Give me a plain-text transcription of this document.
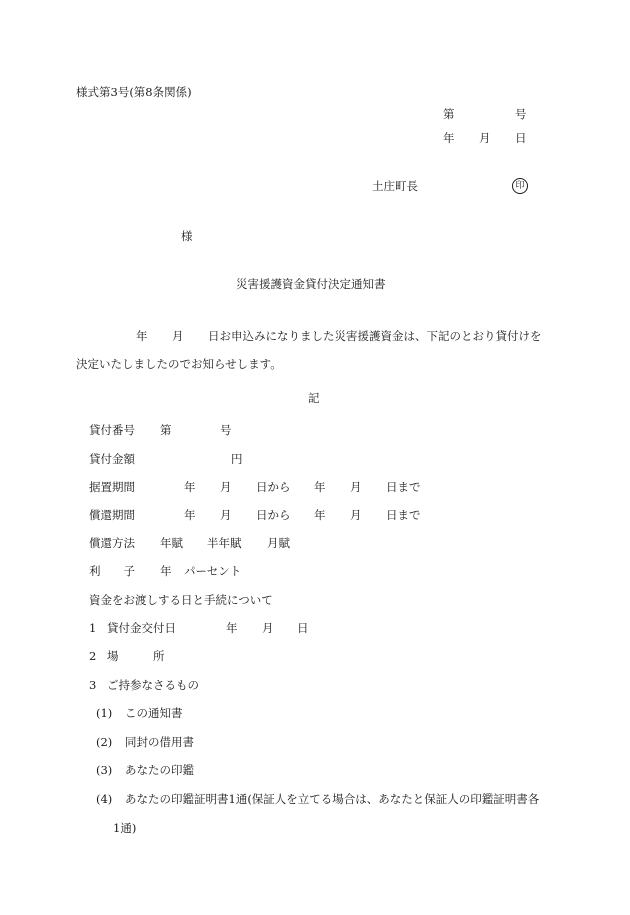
様式第3号(第8条関係)
第	号
年 月 日
土庄町長	印
様
災害援護資金貸付決定通知書
年 月 日お申込みになりました災害援護資金は、下記のとおり貸付けを
決定いたしましたのでお知らせします。
記
貸付番号 第	号
貸付金額	円
据置期間	年 月 日から 年 月 日まで
償還期間	年 月 日から 年 月 日まで
償還方法 年賦 半年賦 月賦
利　　子 年 パーセント
資金をお渡しする日と手続について
1 貸付金交付日	年 月 日
2 場　　　所
3 ご持参なさるもの
(1) この通知書
(2) 同封の借用書
(3) あなたの印鑑
(4) あなたの印鑑証明書1通(保証人を立てる場合は、あなたと保証人の印鑑証明書各
1通)
